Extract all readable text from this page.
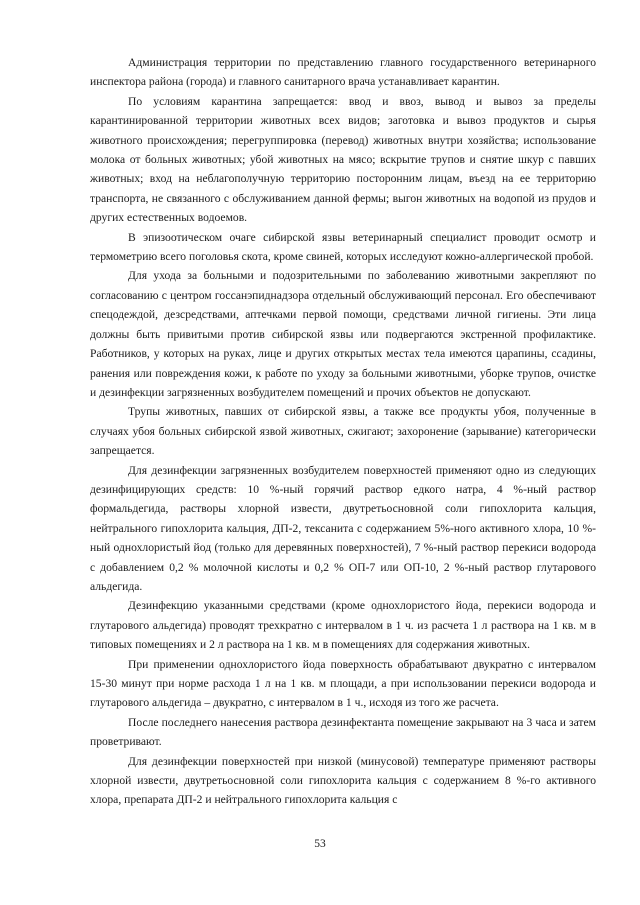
Администрация территории по представлению главного государственного ветеринарного инспектора района (города) и главного санитарного врача устанавливает карантин.

По условиям карантина запрещается: ввод и ввоз, вывод и вывоз за пределы карантинированной территории животных всех видов; заготовка и вывоз продуктов и сырья животного происхождения; перегруппировка (перевод) животных внутри хозяйства; использование молока от больных животных; убой животных на мясо; вскрытие трупов и снятие шкур с павших животных; вход на неблагополучную территорию посторонним лицам, въезд на ее территорию транспорта, не связанного с обслуживанием данной фермы; выгон животных на водопой из прудов и других естественных водоемов.

В эпизоотическом очаге сибирской язвы ветеринарный специалист проводит осмотр и термометрию всего поголовья скота, кроме свиней, которых исследуют кожно-аллергической пробой.

Для ухода за больными и подозрительными по заболеванию животными закрепляют по согласованию с центром госсанэпиднадзора отдельный обслуживающий персонал. Его обеспечивают спецодеждой, дезсредствами, аптечками первой помощи, средствами личной гигиены. Эти лица должны быть привитыми против сибирской язвы или подвергаются экстренной профилактике. Работников, у которых на руках, лице и других открытых местах тела имеются царапины, ссадины, ранения или повреждения кожи, к работе по уходу за больными животными, уборке трупов, очистке и дезинфекции загрязненных возбудителем помещений и прочих объектов не допускают.

Трупы животных, павших от сибирской язвы, а также все продукты убоя, полученные в случаях убоя больных сибирской язвой животных, сжигают; захоронение (зарывание) категорически запрещается.

Для дезинфекции загрязненных возбудителем поверхностей применяют одно из следующих дезинфицирующих средств: 10 %-ный горячий раствор едкого натра, 4 %-ный раствор формальдегида, растворы хлорной извести, двутретьосновной соли гипохлорита кальция, нейтрального гипохлорита кальция, ДП-2, тексанита с содержанием 5%-ного активного хлора, 10 %- ный однохлористый йод (только для деревянных поверхностей), 7 %-ный раствор перекиси водорода с добавлением 0,2 % молочной кислоты и 0,2 % ОП-7 или ОП-10, 2 %-ный раствор глутарового альдегида.

Дезинфекцию указанными средствами (кроме однохлористого йода, перекиси водорода и глутарового альдегида) проводят трехкратно с интервалом в 1 ч. из расчета 1 л раствора на 1 кв. м в типовых помещениях и 2 л раствора на 1 кв. м в помещениях для содержания животных.

При применении однохлористого йода поверхность обрабатывают двукратно с интервалом 15-30 минут при норме расхода 1 л на 1 кв. м площади, а при использовании перекиси водорода и глутарового альдегида – двукратно, с интервалом в 1 ч., исходя из того же расчета.

После последнего нанесения раствора дезинфектанта помещение закрывают на 3 часа и затем проветривают.

Для дезинфекции поверхностей при низкой (минусовой) температуре применяют растворы хлорной извести, двутретьосновной соли гипохлорита кальция с содержанием 8 %-го активного хлора, препарата ДП-2 и нейтрального гипохлорита кальция с

53
